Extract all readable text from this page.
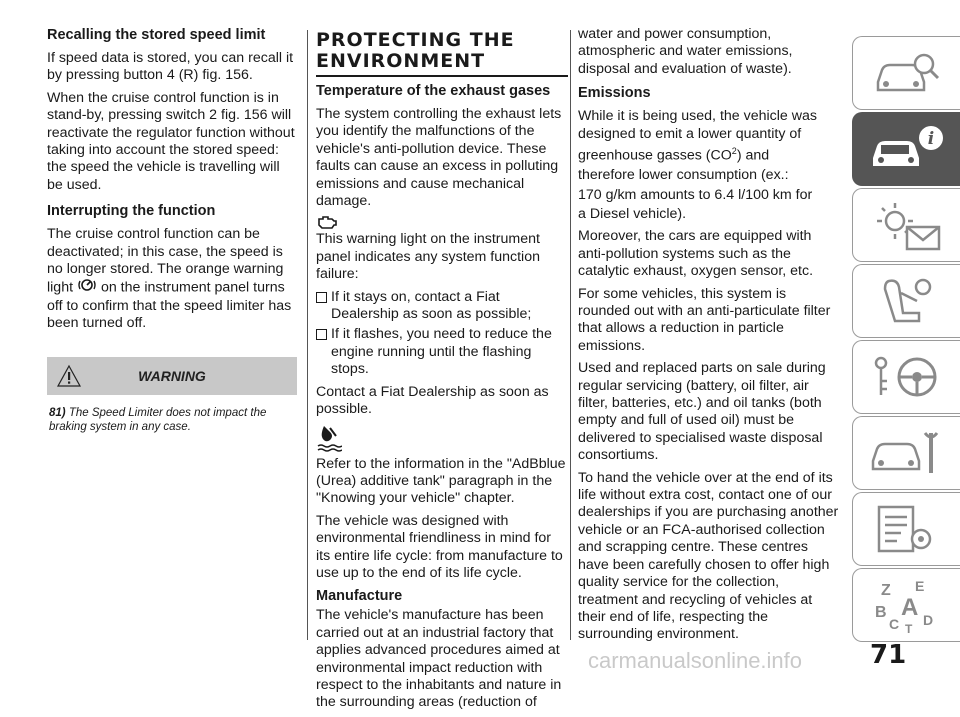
Recalling the stored speed limit

If speed data is stored, you can recall it by pressing button 4 (R) fig. 156.

When the cruise control function is in stand-by, pressing switch 2 fig. 156 will reactivate the regulator function without taking into account the stored speed: the speed the vehicle is travelling will be used.

Interrupting the function

The cruise control function can be deactivated; in this case, the speed is no longer stored. The orange warning light on the instrument panel turns off to confirm that the speed limiter has been turned off.

WARNING
81) The Speed Limiter does not impact the braking system in any case.
PROTECTING THE
ENVIRONMENT
Temperature of the exhaust gases

The system controlling the exhaust lets you identify the malfunctions of the vehicle's anti-pollution device. These faults can cause an excess in polluting emissions and cause mechanical damage.

This warning light on the instrument panel indicates any system function failure:

If it stays on, contact a Fiat Dealership as soon as possible;

If it flashes, you need to reduce the engine running until the flashing stops.

Contact a Fiat Dealership as soon as possible.

Refer to the information in the "AdBblue (Urea) additive tank" paragraph in the "Knowing your vehicle" chapter.

The vehicle was designed with environmental friendliness in mind for its entire life cycle: from manufacture to use up to the end of its life cycle.

Manufacture

The vehicle's manufacture has been carried out at an industrial factory that applies advanced procedures aimed at environmental impact reduction with respect to the inhabitants and nature in the surrounding areas (reduction of

water and power consumption, atmospheric and water emissions, disposal and evaluation of waste).

Emissions

While it is being used, the vehicle was designed to emit a lower quantity of greenhouse gasses $(CO^2)$ and

therefore lower consumption (ex.:

170 g/km amounts to 6.4 l/100 km for

a Diesel vehicle).

Moreover, the cars are equipped with anti-pollution systems such as the catalytic exhaust, oxygen sensor, etc.

For some vehicles, this system is rounded out with an anti-particulate filter that allows a reduction in particle emissions.

Used and replaced parts on sale during regular servicing (battery, oil filter, air filter, batteries, etc.) and oil tanks (both empty and full of used oil) must be delivered to specialised waste disposal consortiums.

To hand the vehicle over at the end of its life without extra cost, contact one of our dealerships if you are purchasing another vehicle or an FCA-authorised collection and scrapping centre. These centres have been carefully chosen to offer high quality service for the collection, treatment and recycling of vehicles at their end of life, respecting the surrounding environment.

i
Z E
B A
C D
T
carmanualsonline.info	71
